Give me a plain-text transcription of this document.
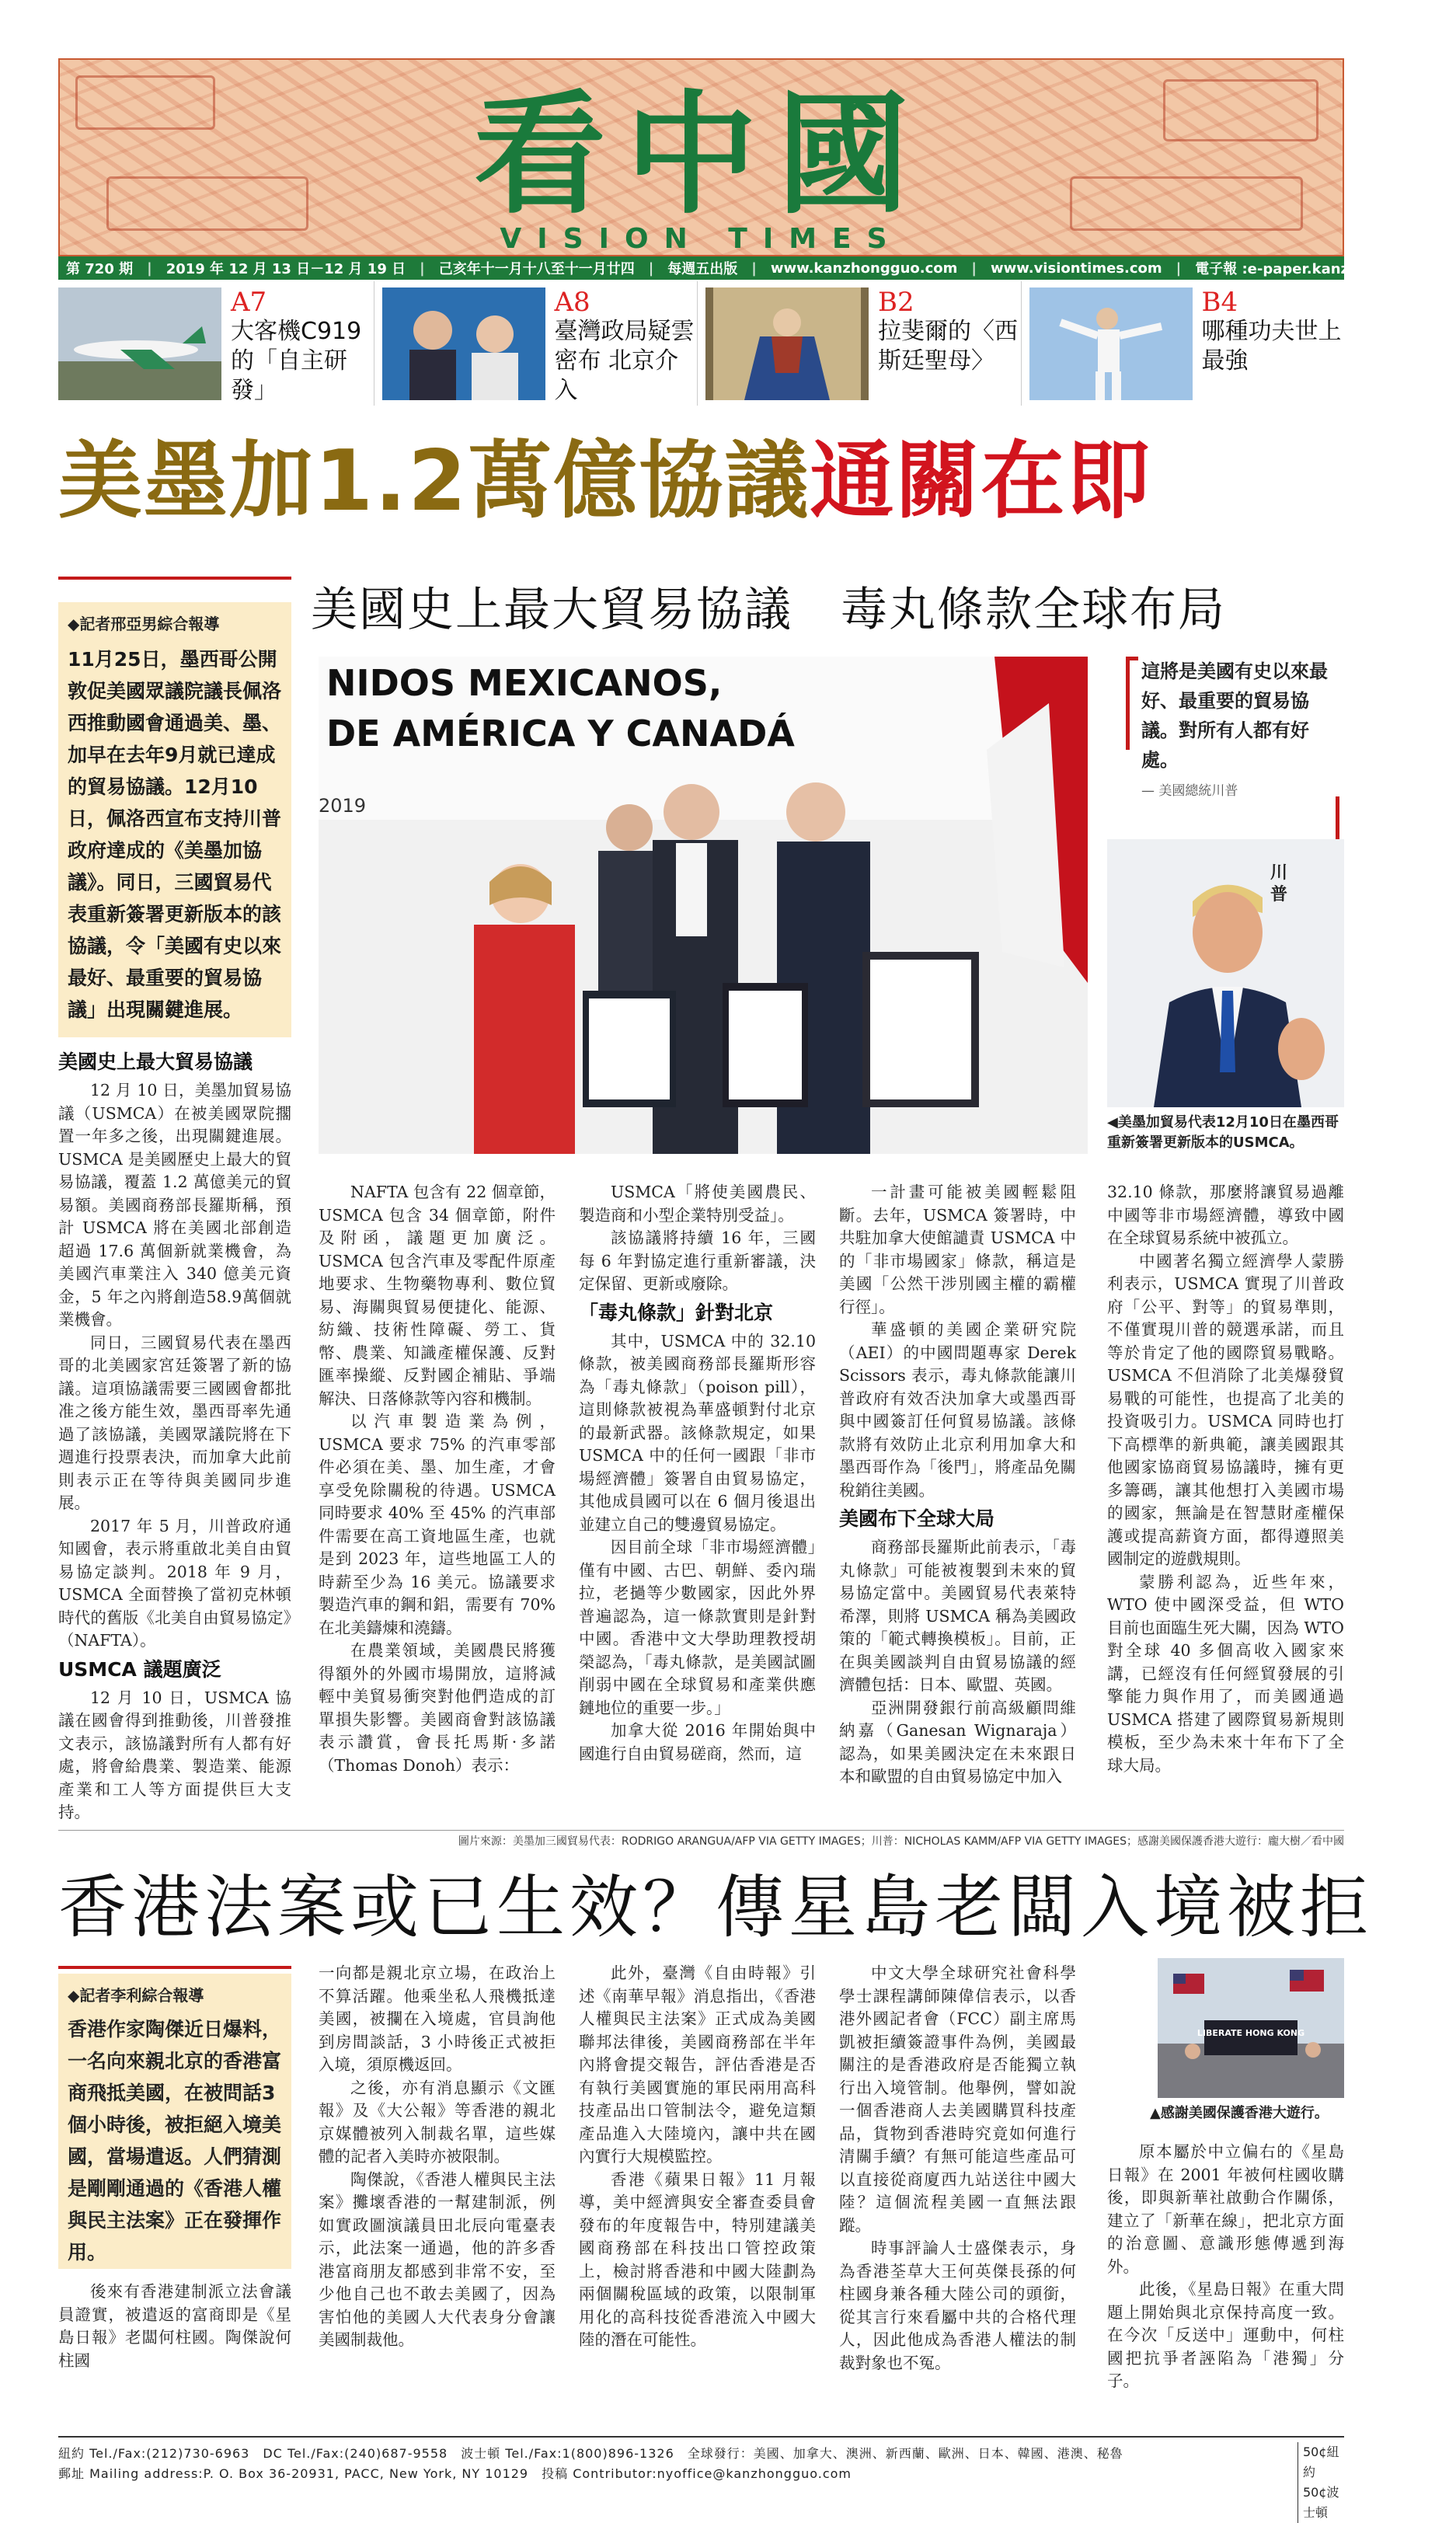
看中國
VISION TIMES
第 720 期 | 2019 年 12 月 13 日－12 月 19 日 | 己亥年十一月十八至十一月廿四 | 每週五出版 | www.kanzhongguo.com | www.visiontimes.com | 電子報 :e-paper.kanzhongguo.com
A7
大客機C919的「自主研發」
A8
臺灣政局疑雲密布 北京介入
B2
拉斐爾的〈西斯廷聖母〉
B4
哪種功夫世上最強
美墨加1.2萬億協議通關在即
美國史上最大貿易協議　毒丸條款全球布局
◆記者邢亞男綜合報導
11月25日，墨西哥公開敦促美國眾議院議長佩洛西推動國會通過美、墨、加早在去年9月就已達成的貿易協議。12月10日，佩洛西宣布支持川普政府達成的《美墨加協議》。同日，三國貿易代表重新簽署更新版本的該協議，令「美國有史以來最好、最重要的貿易協議」出現關鍵進展。
NIDOS MEXICANOS,
DE AMÉRICA Y CANADÁ
2019
這將是美國有史以來最好、最重要的貿易協議。對所有人都有好處。
— 美國總統川普
川普
◀美墨加貿易代表12月10日在墨西哥重新簽署更新版本的USMCA。
美國史上最大貿易協議

12 月 10 日，美墨加貿易協議（USMCA）在被美國眾院擱置一年多之後，出現關鍵進展。USMCA 是美國歷史上最大的貿易協議，覆蓋 1.2 萬億美元的貿易額。美國商務部長羅斯稱，預計 USMCA 將在美國北部創造超過 17.6 萬個新就業機會，為美國汽車業注入 340 億美元資金，5 年之內將創造58.9萬個就業機會。

同日，三國貿易代表在墨西哥的北美國家宮廷簽署了新的協議。這項協議需要三國國會都批准之後方能生效，墨西哥率先通過了該協議，美國眾議院將在下週進行投票表決，而加拿大此前則表示正在等待與美國同步進展。

2017 年 5 月，川普政府通知國會，表示將重啟北美自由貿易協定談判。2018 年 9 月，USMCA 全面替換了當初克林頓時代的舊版《北美自由貿易協定》（NAFTA）。

USMCA 議題廣泛

12 月 10 日，USMCA 協議在國會得到推動後，川普發推文表示，該協議對所有人都有好處，將會給農業、製造業、能源產業和工人等方面提供巨大支持。

NAFTA 包含有 22 個章節，USMCA 包含 34 個章節，附件及附函，議題更加廣泛。USMCA 包含汽車及零配件原產地要求、生物藥物專利、數位貿易、海關與貿易便捷化、能源、紡織、技術性障礙、勞工、貨幣、農業、知識產權保護、反對匯率操縱、反對國企補貼、爭端解決、日落條款等內容和機制。

以汽車製造業為例，USMCA 要求 75% 的汽車零部件必須在美、墨、加生產，才會享受免除關稅的待遇。USMCA 同時要求 40% 至 45% 的汽車部件需要在高工資地區生產，也就是到 2023 年，這些地區工人的時薪至少為 16 美元。協議要求製造汽車的鋼和鋁，需要有 70% 在北美鑄煉和澆鑄。

在農業領域，美國農民將獲得額外的外國市場開放，這將減輕中美貿易衝突對他們造成的訂單損失影響。美國商會對該協議表示讚賞，會長托馬斯·多諾（Thomas Donoh）表示：

USMCA「將使美國農民、製造商和小型企業特別受益」。

該協議將持續 16 年，三國每 6 年對協定進行重新審議，決定保留、更新或廢除。

「毒丸條款」針對北京

其中，USMCA 中的 32.10 條款，被美國商務部長羅斯形容為「毒丸條款」（poison pill），這則條款被視為華盛頓對付北京的最新武器。該條款規定，如果 USMCA 中的任何一國跟「非市場經濟體」簽署自由貿易協定，其他成員國可以在 6 個月後退出並建立自己的雙邊貿易協定。

因目前全球「非市場經濟體」僅有中國、古巴、朝鮮、委內瑞拉，老撾等少數國家，因此外界普遍認為，這一條款實則是針對中國。香港中文大學助理教授胡榮認為，「毒丸條款，是美國試圖削弱中國在全球貿易和產業供應鏈地位的重要一步。」

加拿大從 2016 年開始與中國進行自由貿易磋商，然而，這

一計畫可能被美國輕鬆阻斷。去年，USMCA 簽署時，中共駐加拿大使館譴責 USMCA 中的「非市場國家」條款，稱這是美國「公然干涉別國主權的霸權行徑」。

華盛頓的美國企業研究院（AEI）的中國問題專家 Derek Scissors 表示，毒丸條款能讓川普政府有效否決加拿大或墨西哥與中國簽訂任何貿易協議。該條款將有效防止北京利用加拿大和墨西哥作為「後門」，將產品免關稅銷往美國。

美國布下全球大局

商務部長羅斯此前表示，「毒丸條款」可能被複製到未來的貿易協定當中。美國貿易代表萊特希澤，則將 USMCA 稱為美國政策的「範式轉換模板」。目前，正在與美國談判自由貿易協議的經濟體包括：日本、歐盟、英國。

亞洲開發銀行前高級顧問維納嘉（Ganesan Wignaraja）認為，如果美國決定在未來跟日本和歐盟的自由貿易協定中加入

32.10 條款，那麼將讓貿易過離中國等非市場經濟體，導致中國在全球貿易系統中被孤立。

中國著名獨立經濟學人蒙勝利表示，USMCA 實現了川普政府「公平、對等」的貿易準則，不僅實現川普的競選承諾，而且等於肯定了他的國際貿易戰略。USMCA 不但消除了北美爆發貿易戰的可能性，也提高了北美的投資吸引力。USMCA 同時也打下高標準的新典範，讓美國跟其他國家協商貿易協議時，擁有更多籌碼，讓其他想打入美國市場的國家，無論是在智慧財產權保護或提高薪資方面，都得遵照美國制定的遊戲規則。

蒙勝利認為，近些年來，WTO 使中國深受益，但 WTO 目前也面臨生死大關，因為 WTO 對全球 40 多個高收入國家來講，已經沒有任何經貿發展的引擎能力與作用了，而美國通過 USMCA 搭建了國際貿易新規則模板，至少為未來十年布下了全球大局。

圖片來源：美墨加三國貿易代表：RODRIGO ARANGUA/AFP VIA GETTY IMAGES；川普：NICHOLAS KAMM/AFP VIA GETTY IMAGES；感謝美國保護香港大遊行：龐大樹／看中國
香港法案或已生效？傳星島老闆入境被拒
◆記者李利綜合報導
香港作家陶傑近日爆料，一名向來親北京的香港富商飛抵美國，在被問話3個小時後，被拒絕入境美國，當場遣返。人們猜測是剛剛通過的《香港人權與民主法案》正在發揮作用。

後來有香港建制派立法會議員證實，被遣返的富商即是《星島日報》老闆何柱國。陶傑說何柱國

一向都是親北京立場，在政治上不算活躍。他乘坐私人飛機抵達美國，被攔在入境處，官員詢他到房間談話，3 小時後正式被拒入境，須原機返回。

之後，亦有消息顯示《文匯報》及《大公報》等香港的親北京媒體被列入制裁名單，這些媒體的記者入美時亦被限制。

陶傑說，《香港人權與民主法案》攤壞香港的一幫建制派，例如實政圖演議員田北辰向電臺表示，此法案一通過，他的許多香港富商朋友都感到非常不安，至少他自己也不敢去美國了，因為害怕他的美國人大代表身分會讓美國制裁他。

此外，臺灣《自由時報》引述《南華早報》消息指出，《香港人權與民主法案》正式成為美國聯邦法律後，美國商務部在半年內將會提交報告，評估香港是否有執行美國實施的軍民兩用高科技產品出口管制法令，避免這類產品進入大陸境內，讓中共在國內實行大規模監控。

香港《蘋果日報》11 月報導，美中經濟與安全審查委員會發布的年度報告中，特別建議美國商務部在科技出口管控政策上，檢討將香港和中國大陸劃為兩個關稅區域的政策，以限制軍用化的高科技從香港流入中國大陸的潛在可能性。

中文大學全球研究社會科學學士課程講師陳偉信表示，以香港外國記者會（FCC）副主席馬凱被拒續簽證事件為例，美國最關注的是香港政府是否能獨立執行出入境管制。他舉例，譬如說一個香港商人去美國購買科技產品，貨物到香港時究竟如何進行清關手續？有無可能這些產品可以直接從商廈西九站送往中國大陸？這個流程美國一直無法跟蹤。

時事評論人士盛傑表示，身為香港荃草大王何英傑長孫的何柱國身兼各種大陸公司的頭銜，從其言行來看屬中共的合格代理人，因此他成為香港人權法的制裁對象也不冤。

LIBERATE HONG KONG
▲感謝美國保護香港大遊行。

原本屬於中立偏右的《星島日報》在 2001 年被何柱國收購後，即與新華社啟動合作關係，建立了「新華在線」，把北京方面的治意圖、意識形態傳遞到海外。

此後，《星島日報》在重大問題上開始與北京保持高度一致。在今次「反送中」運動中，何柱國把抗爭者誣陷為「港獨」分子。

紐約 Tel./Fax:(212)730-6963　DC Tel./Fax:(240)687-9558　波士頓 Tel./Fax:1(800)896-1326　全球發行：美國、加拿大、澳洲、新西蘭、歐洲、日本、韓國、港澳、秘魯
郵址 Mailing address:P. O. Box 36-20931, PACC, New York, NY 10129　投稿 Contributor:nyoffice@kanzhongguo.com
50¢紐約
50¢波士頓
